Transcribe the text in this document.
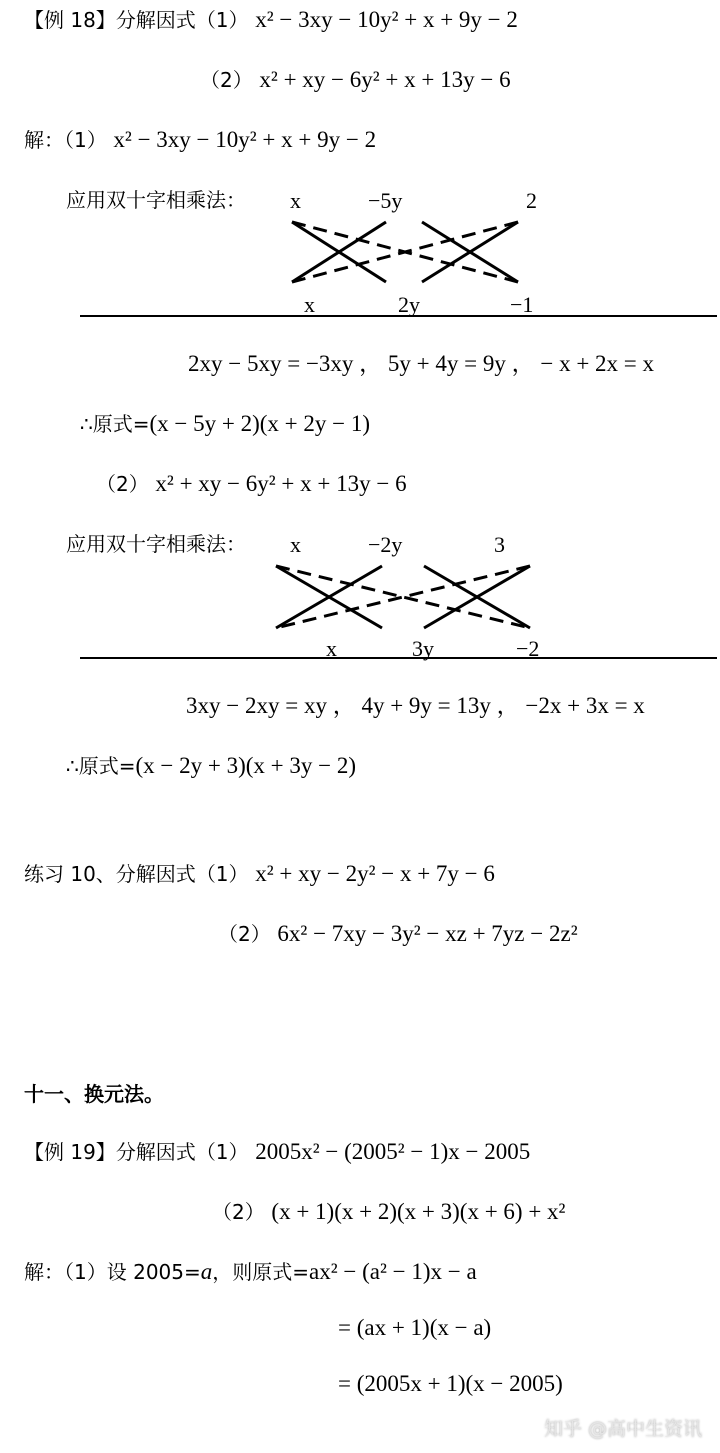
【例 18】分解因式（1） x² − 3xy − 10y² + x + 9y − 2
（2） x² + xy − 6y² + x + 13y − 6
解：（1） x² − 3xy − 10y² + x + 9y − 2
应用双十字相乘法： x	−5y	2
x	2y	−1
2xy − 5xy = −3xy ， 5y + 4y = 9y ， − x + 2x = x
∴原式=(x − 5y + 2)(x + 2y − 1)
（2） x² + xy − 6y² + x + 13y − 6
应用双十字相乘法： x	−2y	3
x	3y	−2
3xy − 2xy = xy ， 4y + 9y = 13y ， −2x + 3x = x
∴原式=(x − 2y + 3)(x + 3y − 2)
练习 10、分解因式（1） x² + xy − 2y² − x + 7y − 6
（2） 6x² − 7xy − 3y² − xz + 7yz − 2z²
十一、换元法。
【例 19】分解因式（1） 2005x² − (2005² − 1)x − 2005
（2） (x + 1)(x + 2)(x + 3)(x + 6) + x²
解：（1）设 2005=a，则原式=ax² − (a² − 1)x − a
= (ax + 1)(x − a)
= (2005x + 1)(x − 2005)
知乎 @高中生资讯
